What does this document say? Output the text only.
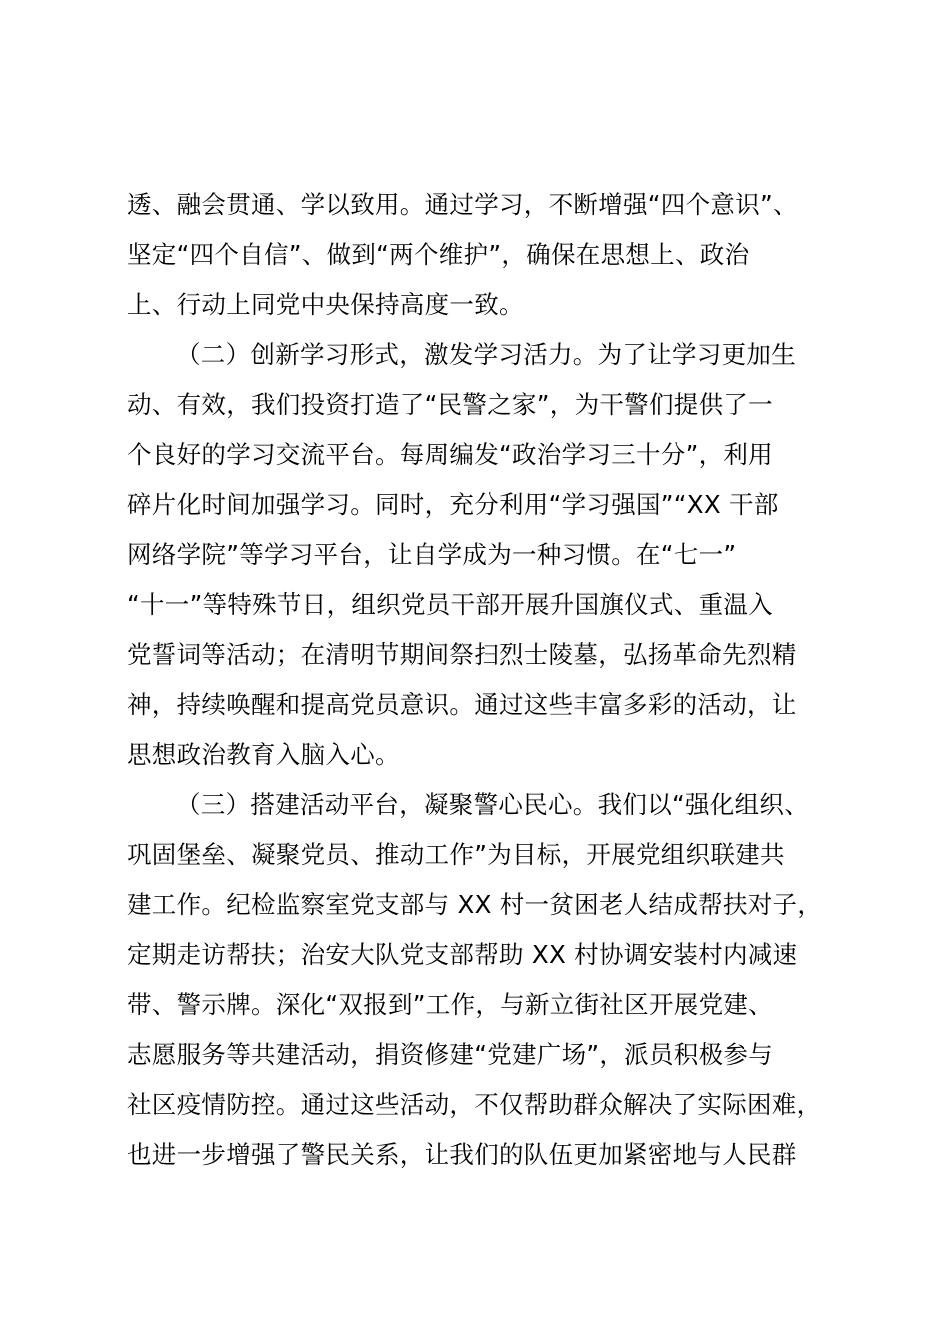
透、融会贯通、学以致用。通过学习，不断增强“四个意识”、
坚定“四个自信”、做到“两个维护”，确保在思想上、政治
上、行动上同党中央保持高度一致。
（二）创新学习形式，激发学习活力。为了让学习更加生
动、有效，我们投资打造了“民警之家”，为干警们提供了一
个良好的学习交流平台。每周编发“政治学习三十分”，利用
碎片化时间加强学习。同时，充分利用“学习强国”“XX 干部
网络学院”等学习平台，让自学成为一种习惯。在“七一”
“十一”等特殊节日，组织党员干部开展升国旗仪式、重温入
党誓词等活动；在清明节期间祭扫烈士陵墓，弘扬革命先烈精
神，持续唤醒和提高党员意识。通过这些丰富多彩的活动，让
思想政治教育入脑入心。
（三）搭建活动平台，凝聚警心民心。我们以“强化组织、
巩固堡垒、凝聚党员、推动工作”为目标，开展党组织联建共
建工作。纪检监察室党支部与 XX 村一贫困老人结成帮扶对子，
定期走访帮扶；治安大队党支部帮助 XX 村协调安装村内减速
带、警示牌。深化“双报到”工作，与新立街社区开展党建、
志愿服务等共建活动，捐资修建“党建广场”，派员积极参与
社区疫情防控。通过这些活动，不仅帮助群众解决了实际困难，
也进一步增强了警民关系，让我们的队伍更加紧密地与人民群
